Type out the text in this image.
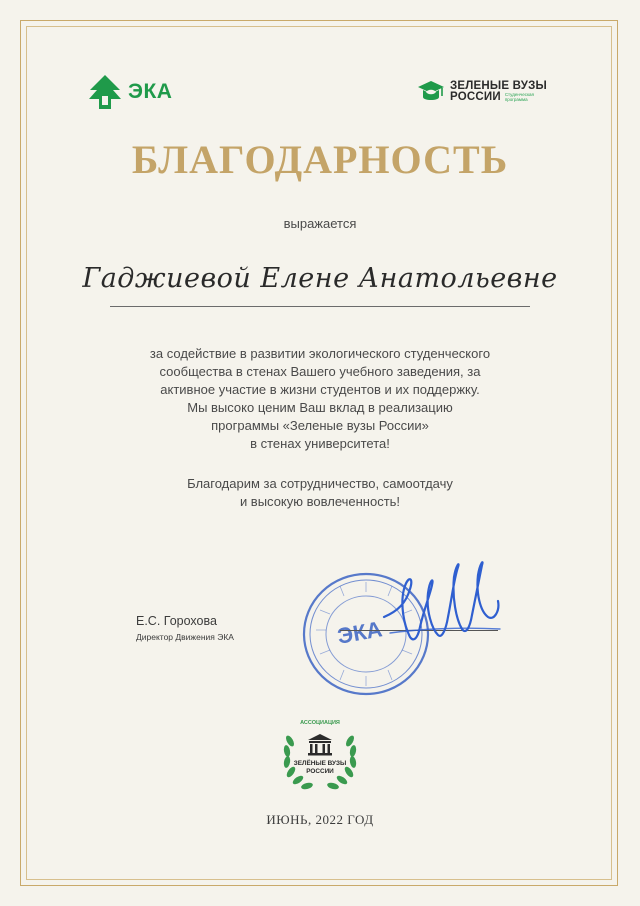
ЭКА	ЗЕЛЕНЫЕ ВУЗЫ
РОССИИ Студенческая программа
БЛАГОДАРНОСТЬ
выражается
Гаджиевой Елене Анатольевне

за содействие в развитии экологического студенческого

сообщества в стенах Вашего учебного заведения, за

активное участие в жизни студентов и их поддержку.

Мы высоко ценим Ваш вклад в реализацию

программы «Зеленые вузы России»

в стенах университета!

Благодарим за сотрудничество, самоотдачу

и высокую вовлеченность!

Е.С. Горохова
Директор Движения ЭКА	ЭКА
АССОЦИАЦИЯ
ЗЕЛЁНЫЕ ВУЗЫ
РОССИИ
ИЮНЬ, 2022 ГОД
